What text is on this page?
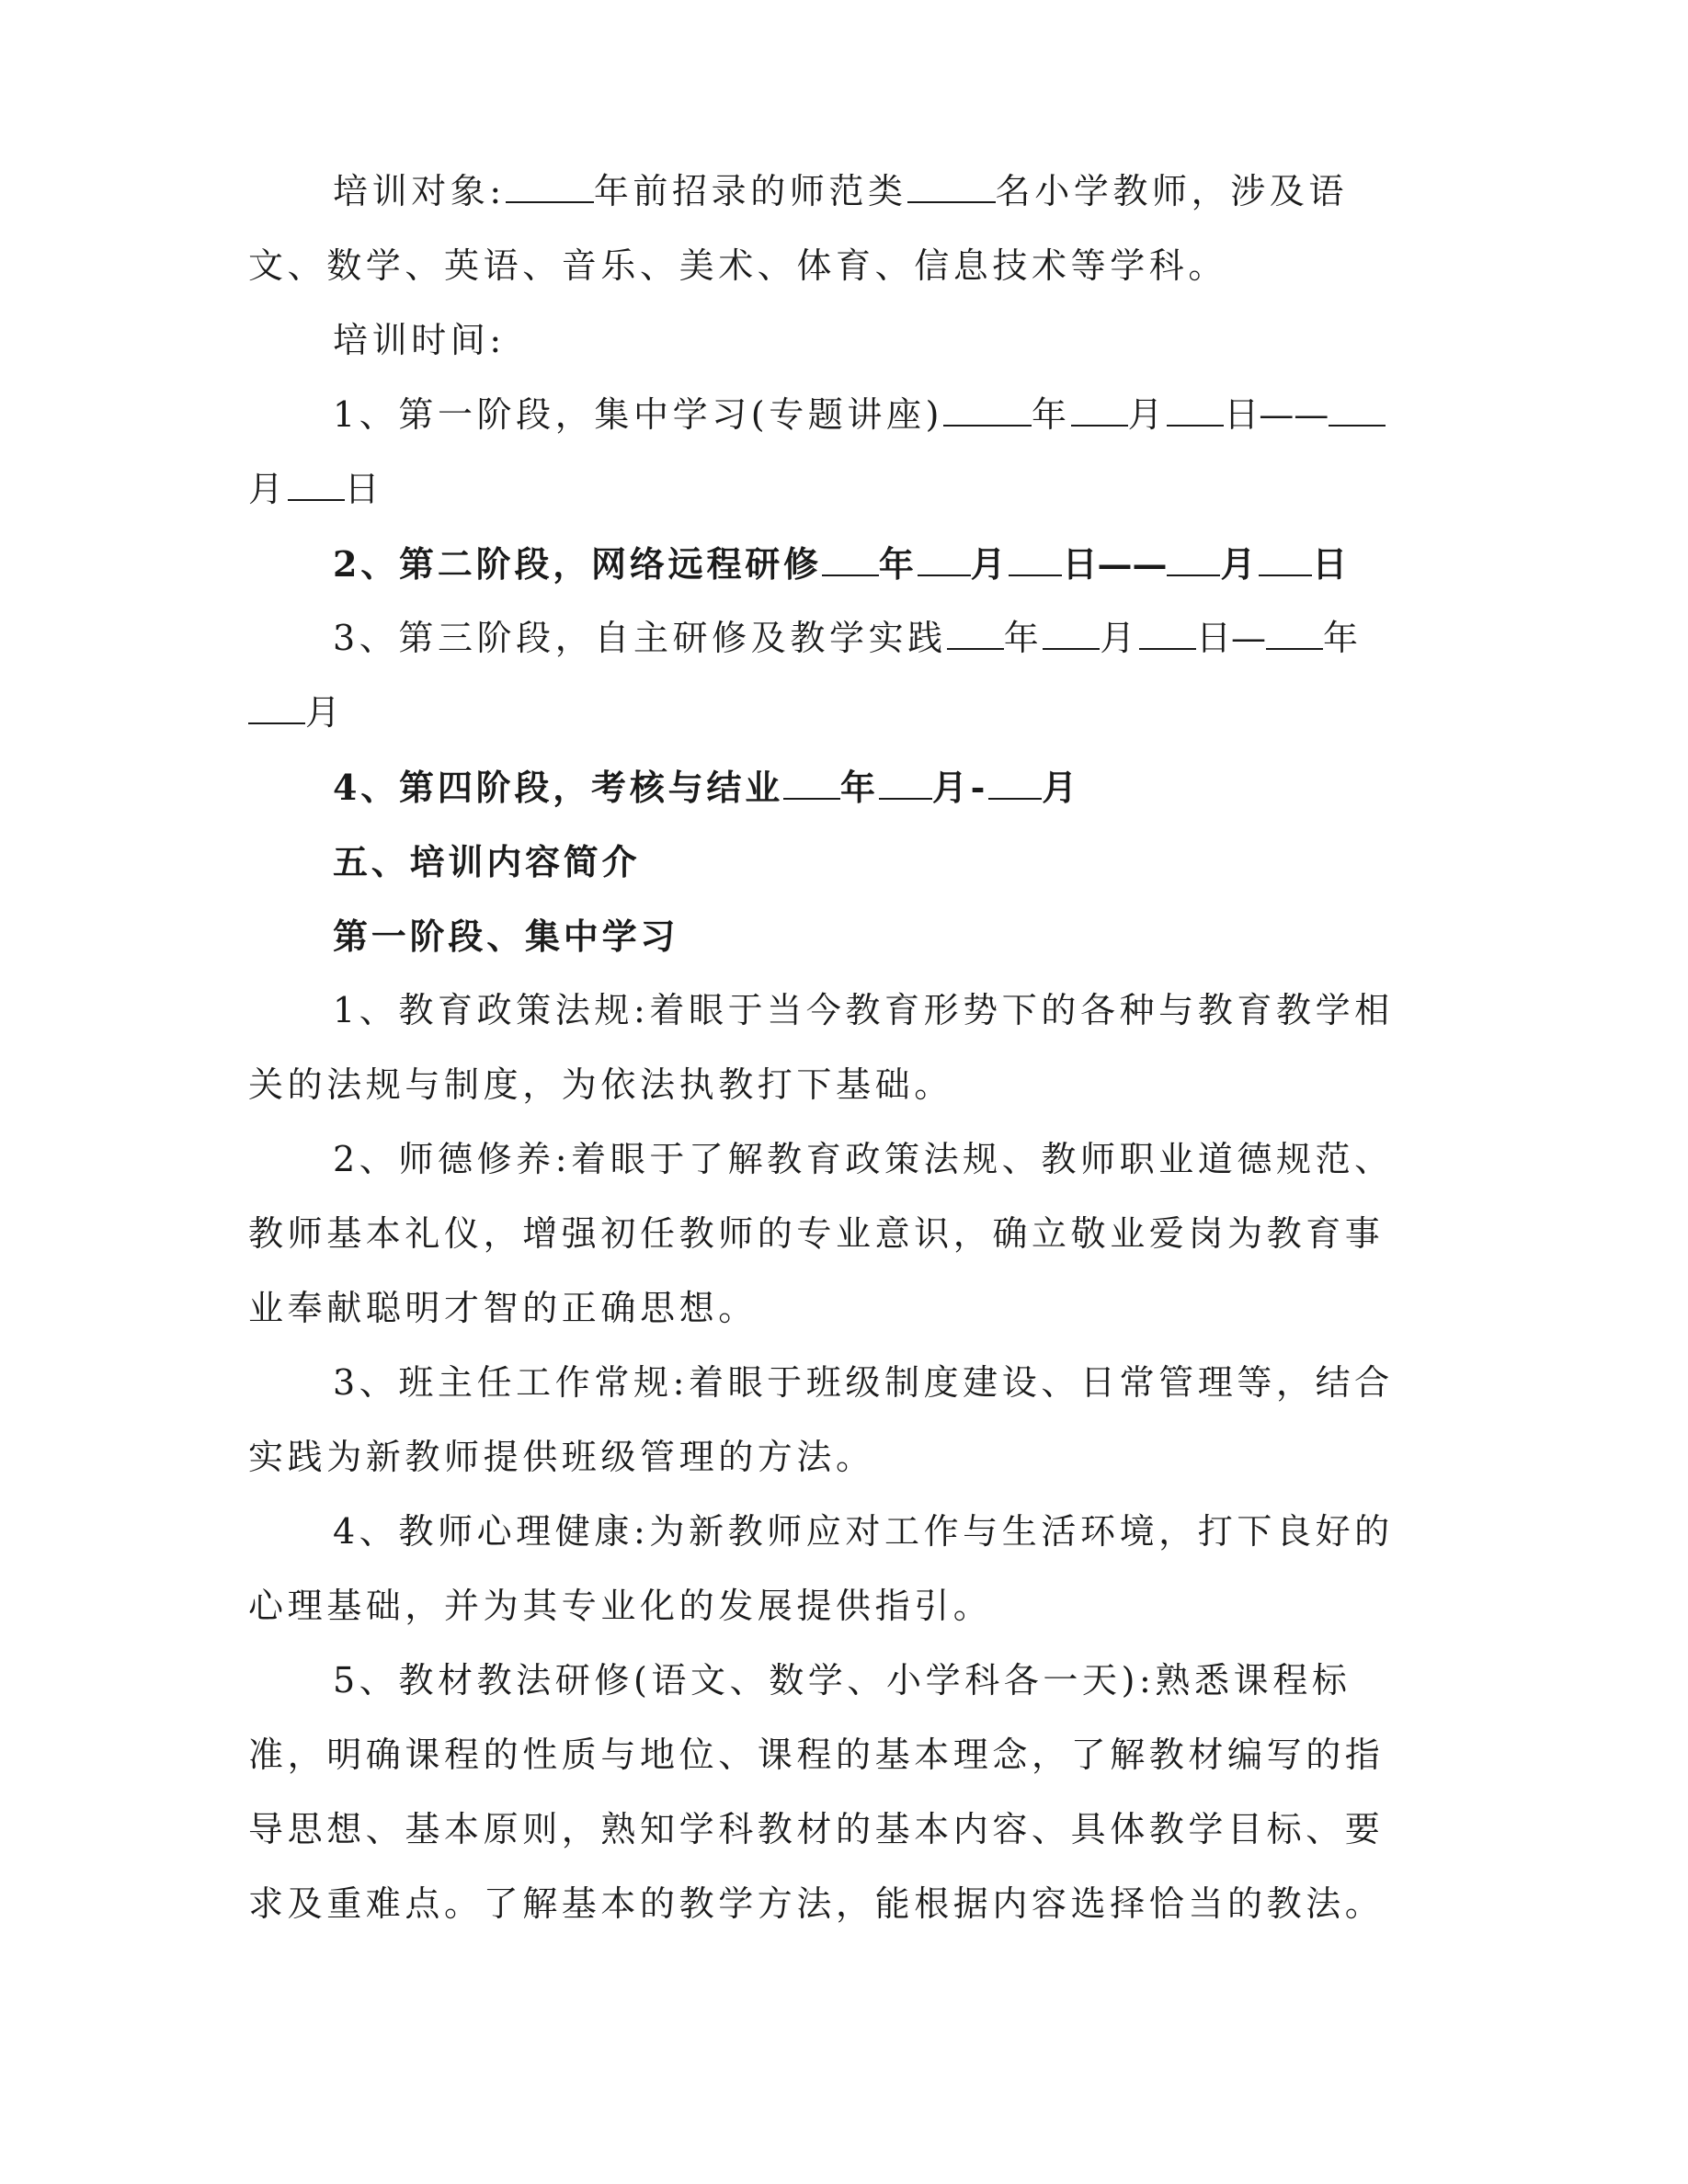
培训对象:	年前招录的师范类	名小学教师，涉及语文、数学、英语、音乐、美术、体育、信息技术等学科。

培训时间:

1、第一阶段，集中学习(专题讲座)	年 月 日——月 日

2、第二阶段，网络远程研修 年 月 日—— 月 日

3、第三阶段，自主研修及教学实践 年 月 日— 年月

4、第四阶段，考核与结业 年 月- 月

五、培训内容简介

第一阶段、集中学习

1、教育政策法规:着眼于当今教育形势下的各种与教育教学相关的法规与制度，为依法执教打下基础。

2、师德修养:着眼于了解教育政策法规、教师职业道德规范、教师基本礼仪，增强初任教师的专业意识，确立敬业爱岗为教育事业奉献聪明才智的正确思想。

3、班主任工作常规:着眼于班级制度建设、日常管理等，结合实践为新教师提供班级管理的方法。

4、教师心理健康:为新教师应对工作与生活环境，打下良好的心理基础，并为其专业化的发展提供指引。

5、教材教法研修(语文、数学、小学科各一天):熟悉课程标准，明确课程的性质与地位、课程的基本理念，了解教材编写的指导思想、基本原则，熟知学科教材的基本内容、具体教学目标、要求及重难点。了解基本的教学方法，能根据内容选择恰当的教法。
